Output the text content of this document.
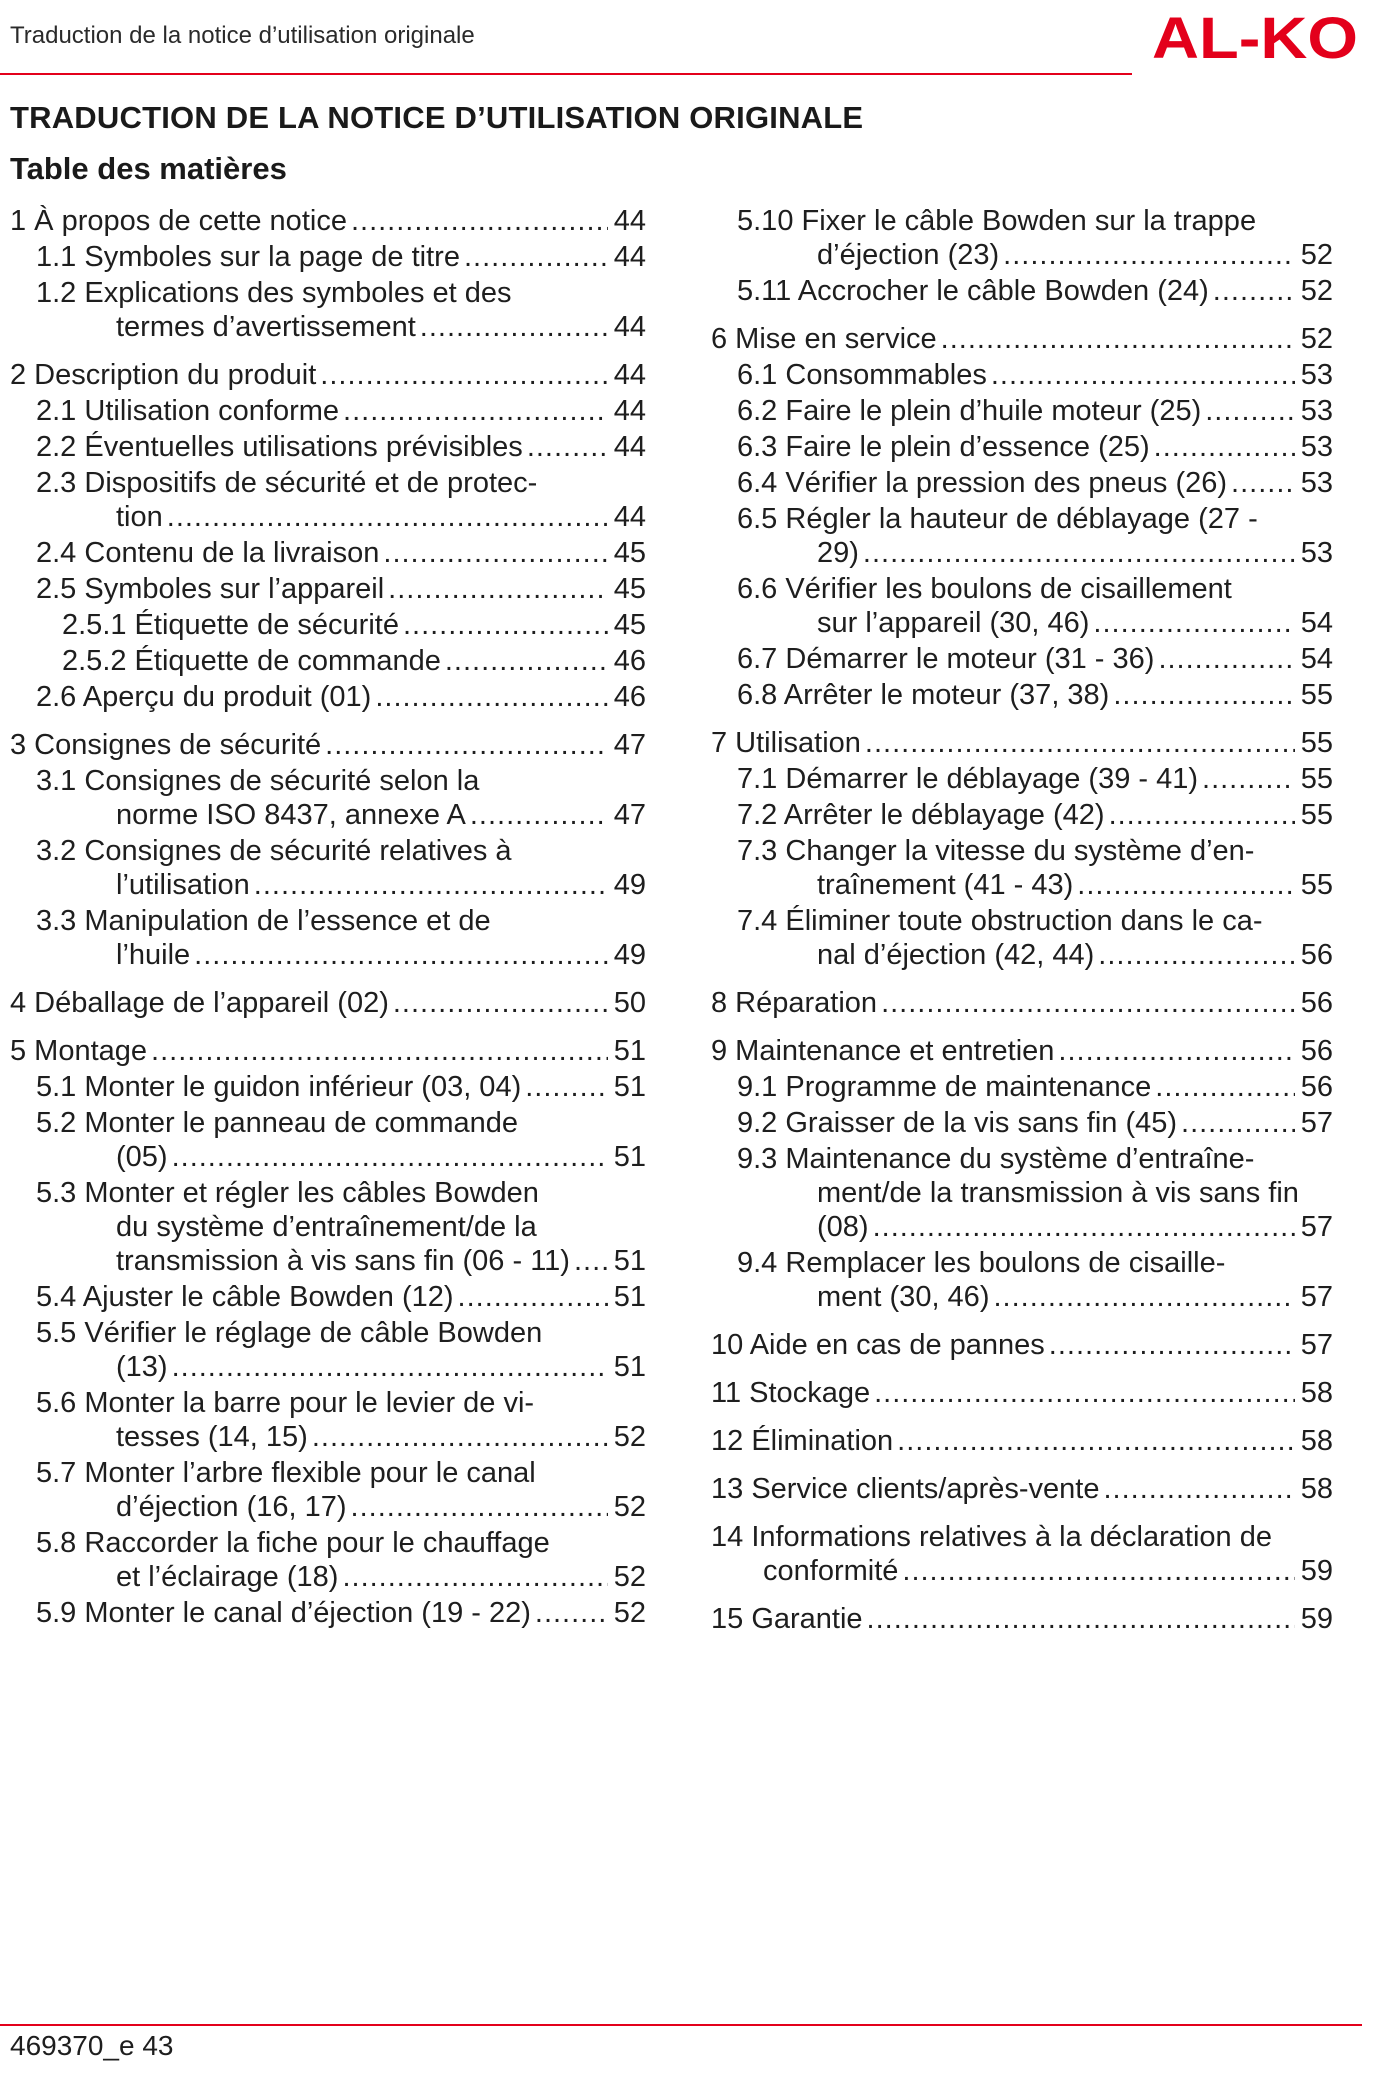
Traduction de la notice d’utilisation originale	AL-KO
TRADUCTION DE LA NOTICE D’UTILISATION ORIGINALE
Table des matières
1 À propos de cette notice .....	44
1.1 Symboles sur la page de titre .....	44
1.2 Explications des symboles et des
termes d’avertissement .....	44
2 Description du produit .....	44
2.1 Utilisation conforme .....	44
2.2 Éventuelles utilisations prévisibles .....	44
2.3 Dispositifs de sécurité et de protec-
tion .....	44
2.4 Contenu de la livraison .....	45
2.5 Symboles sur l’appareil .....	45
2.5.1 Étiquette de sécurité .....	45
2.5.2 Étiquette de commande .....	46
2.6 Aperçu du produit (01) .....	46
3 Consignes de sécurité .....	47
3.1 Consignes de sécurité selon la
norme ISO 8437, annexe A .....	47
3.2 Consignes de sécurité relatives à
l’utilisation .....	49
3.3 Manipulation de l’essence et de
l’huile .....	49
4 Déballage de l’appareil (02) .....	50
5 Montage .....	51
5.1 Monter le guidon inférieur (03, 04) .....	51
5.2 Monter le panneau de commande
(05) .....	51
5.3 Monter et régler les câbles Bowden
du système d’entraînement/de la
transmission à vis sans fin (06 - 11) ..... 51
5.4 Ajuster le câble Bowden (12) .....	51
5.5 Vérifier le réglage de câble Bowden
(13) .....	51
5.6 Monter la barre pour le levier de vi-
tesses (14, 15) .....	52
5.7 Monter l’arbre flexible pour le canal
d’éjection (16, 17) .....	52
5.8 Raccorder la fiche pour le chauffage
et l’éclairage (18) .....	52
5.9 Monter le canal d’éjection (19 - 22) .....	52
5.10 Fixer le câble Bowden sur la trappe
d’éjection (23) .....	52
5.11 Accrocher le câble Bowden (24) .....	52
6 Mise en service .....	52
6.1 Consommables .....	53
6.2 Faire le plein d’huile moteur (25) .....	53
6.3 Faire le plein d’essence (25) .....	53
6.4 Vérifier la pression des pneus (26) .....	53
6.5 Régler la hauteur de déblayage (27 -
29) .....	53
6.6 Vérifier les boulons de cisaillement
sur l’appareil (30, 46) .....	54
6.7 Démarrer le moteur (31 - 36) .....	54
6.8 Arrêter le moteur (37, 38) .....	55
7 Utilisation .....	55
7.1 Démarrer le déblayage (39 - 41) .....	55
7.2 Arrêter le déblayage (42) .....	55
7.3 Changer la vitesse du système d’en-
traînement (41 - 43) .....	55
7.4 Éliminer toute obstruction dans le ca-
nal d’éjection (42, 44) .....	56
8 Réparation .....	56
9 Maintenance et entretien .....	56
9.1 Programme de maintenance .....	56
9.2 Graisser de la vis sans fin (45) .....	57
9.3 Maintenance du système d’entraîne-
ment/de la transmission à vis sans fin
(08) .....	57
9.4 Remplacer les boulons de cisaille-
ment (30, 46) .....	57
10 Aide en cas de pannes .....	57
11 Stockage .....	58
12 Élimination .....	58
13 Service clients/après-vente .....	58
14 Informations relatives à la déclaration de
conformité .....	59
15 Garantie .....	59
469370_e 43
